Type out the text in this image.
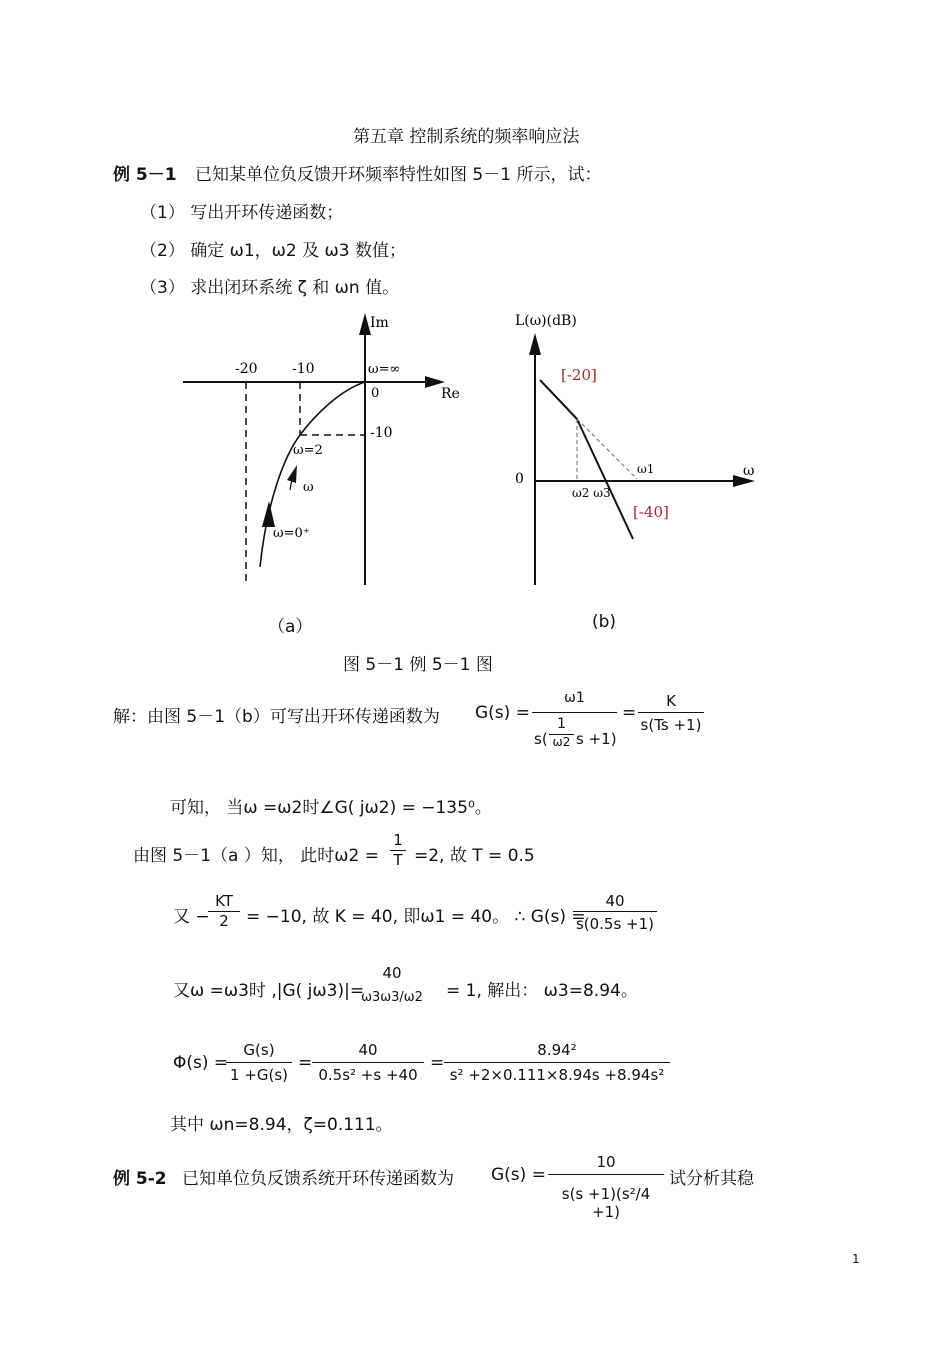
第五章 控制系统的频率响应法
例 5－1 已知某单位负反馈开环频率特性如图 5－1 所示，试：
（1） 写出开环传递函数；
（2） 确定 ω1，ω2 及 ω3 数值；
（3） 求出闭环系统 ζ 和 ωn 值。
Im
Re
0
-20 -10
-10
ω=∞
ω=2
ω
ω=0⁺
（a）
L(ω)(dB)
0	ω
[-20]
[-40]
ω1
ω2 ω3
(b)
图 5－1 例 5－1 图
解：由图 5－1（b）可写出开环传递函数为 G(s) =
ω1
s(
1
ω2 s +1)
=
K
s(Ts +1)
可知， 当ω =ω2时∠G( jω2) = −135⁰。
由图 5－1（a ）知， 此时ω2 =
1
T =2, 故 T = 0.5
又 −
KT
2	= −10, 故 K = 40, 即ω1 = 40。 ∴ G(s) =
40
s(0.5s +1)
又ω =ω3时 ,|G( jω3)|=
40
ω3ω3/ω2	= 1, 解出： ω3=8.94。
Φ(s) =
G(s)
1 +G(s)
=
40
0.5s² +s +40
=
8.94²
s² +2×0.111×8.94s +8.94s²
其中 ωn=8.94，ζ=0.111。
例 5-2 已知单位负反馈系统开环传递函数为 G(s) =
10
s(s +1)(s²/4 +1)
试分析其稳
1
